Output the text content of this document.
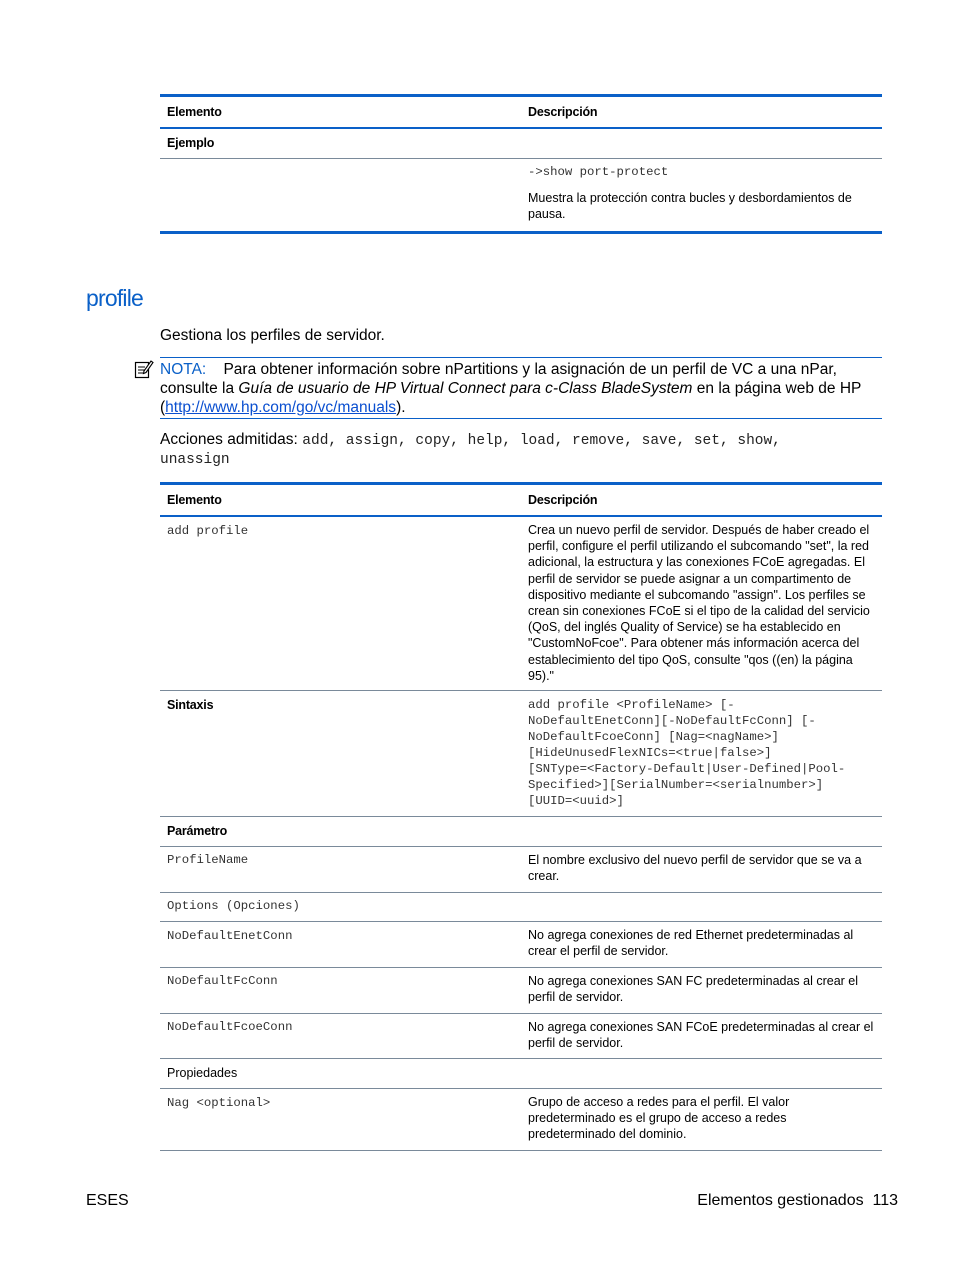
Elemento	Descripción
Ejemplo
->show port-protect
Muestra la protección contra bucles y desbordamientos de pausa.
profile
Gestiona los perfiles de servidor.
NOTA: Para obtener información sobre nPartitions y la asignación de un perfil de VC a una nPar, consulte la Guía de usuario de HP Virtual Connect para c-Class BladeSystem en la página web de HP (http://www.hp.com/go/vc/manuals).
Acciones admitidas: add, assign, copy, help, load, remove, save, set, show,
unassign
Elemento	Descripción
add profile	Crea un nuevo perfil de servidor. Después de haber creado el perfil, configure el perfil utilizando el subcomando "set", la red adicional, la estructura y las conexiones FCoE agregadas. El perfil de servidor se puede asignar a un compartimento de dispositivo mediante el subcomando "assign". Los perfiles se crean sin conexiones FCoE si el tipo de la calidad del servicio (QoS, del inglés Quality of Service) se ha establecido en "CustomNoFcoe". Para obtener más información acerca del establecimiento del tipo QoS, consulte "qos ((en) la página 95)."
Sintaxis	add profile <ProfileName> [-
NoDefaultEnetConn][-NoDefaultFcConn] [-
NoDefaultFcoeConn] [Nag=<nagName>]
[HideUnusedFlexNICs=<true|false>]
[SNType=<Factory-Default|User-Defined|Pool-
Specified>][SerialNumber=<serialnumber>]
[UUID=<uuid>]
Parámetro
ProfileName	El nombre exclusivo del nuevo perfil de servidor que se va a crear.
Options (Opciones)
NoDefaultEnetConn	No agrega conexiones de red Ethernet predeterminadas al crear el perfil de servidor.
NoDefaultFcConn	No agrega conexiones SAN FC predeterminadas al crear el perfil de servidor.
NoDefaultFcoeConn	No agrega conexiones SAN FCoE predeterminadas al crear el perfil de servidor.
Propiedades
Nag <optional>	Grupo de acceso a redes para el perfil. El valor predeterminado es el grupo de acceso a redes predeterminado del dominio.
ESES	Elementos gestionados 113
